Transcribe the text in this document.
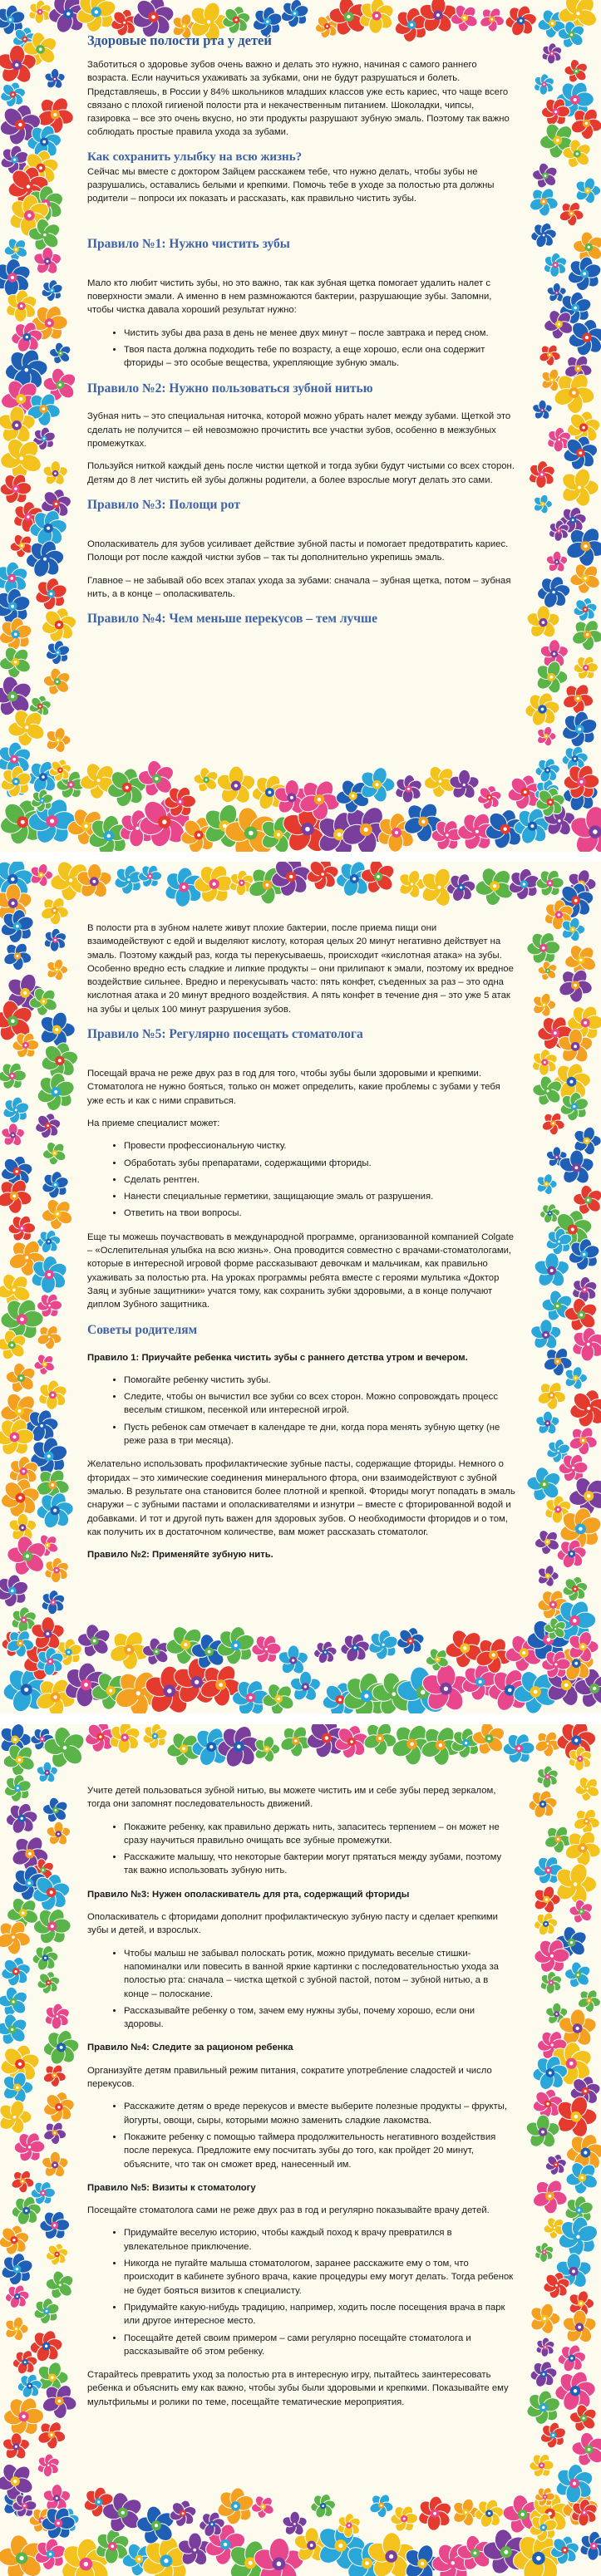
Здоровые полости рта у детей

Заботиться о здоровье зубов очень важно и делать это нужно, начиная с самого раннего возраста. Если научиться ухаживать за зубками, они не будут разрушаться и болеть. Представляешь, в России у 84% школьников младших классов уже есть кариес, что чаще всего связано с плохой гигиеной полости рта и некачественным питанием. Шоколадки, чипсы, газировка – все это очень вкусно, но эти продукты разрушают зубную эмаль. Поэтому так важно соблюдать простые правила ухода за зубами.

Как сохранить улыбку на всю жизнь?

Сейчас мы вместе с доктором Зайцем расскажем тебе, что нужно делать, чтобы зубы не разрушались, оставались белыми и крепкими. Помочь тебе в уходе за полостью рта должны родители – попроси их показать и рассказать, как правильно чистить зубы.

Правило №1: Нужно чистить зубы

Мало кто любит чистить зубы, но это важно, так как зубная щетка помогает удалить налет с поверхности эмали. А именно в нем размножаются бактерии, разрушающие зубы. Запомни, чтобы чистка давала хороший результат нужно:

• Чистить зубы два раза в день не менее двух минут – после завтрака и перед сном.
• Твоя паста должна подходить тебе по возрасту, а еще хорошо, если она содержит фториды – это особые вещества, укрепляющие зубную эмаль.
Правило №2: Нужно пользоваться зубной нитью

Зубная нить – это специальная ниточка, которой можно убрать налет между зубами. Щеткой это сделать не получится – ей невозможно прочистить все участки зубов, особенно в межзубных промежутках.

Пользуйся ниткой каждый день после чистки щеткой и тогда зубки будут чистыми со всех сторон. Детям до 8 лет чистить ей зубы должны родители, а более взрослые могут делать это сами.

Правило №3: Полощи рот

Ополаскиватель для зубов усиливает действие зубной пасты и помогает предотвратить кариес. Полощи рот после каждой чистки зубов – так ты дополнительно укрепишь эмаль.

Главное – не забывай обо всех этапах ухода за зубами: сначала – зубная щетка, потом – зубная нить, а в конце – ополаскиватель.

Правило №4: Чем меньше перекусов – тем лучше

В полости рта в зубном налете живут плохие бактерии, после приема пищи они взаимодействуют с едой и выделяют кислоту, которая целых 20 минут негативно действует на эмаль. Поэтому каждый раз, когда ты перекусываешь, происходит «кислотная атака» на зубы. Особенно вредно есть сладкие и липкие продукты – они прилипают к эмали, поэтому их вредное воздействие сильнее. Вредно и перекусывать часто: пять конфет, съеденных за раз – это одна кислотная атака и 20 минут вредного воздействия. А пять конфет в течение дня – это уже 5 атак на зубы и целых 100 минут разрушения зубов.

Правило №5: Регулярно посещать стоматолога

Посещай врача не реже двух раз в год для того, чтобы зубы были здоровыми и крепкими. Стоматолога не нужно бояться, только он может определить, какие проблемы с зубами у тебя уже есть и как с ними справиться.

На приеме специалист может:

• Провести профессиональную чистку.
• Обработать зубы препаратами, содержащими фториды.
• Сделать рентген.
• Нанести специальные герметики, защищающие эмаль от разрушения.
• Ответить на твои вопросы.

Еще ты можешь поучаствовать в международной программе, организованной компанией Colgate – «Ослепительная улыбка на всю жизнь». Она проводится совместно с врачами-стоматологами, которые в интересной игровой форме рассказывают девочкам и мальчикам, как правильно ухаживать за полостью рта. На уроках программы ребята вместе с героями мультика «Доктор Заяц и зубные защитники» учатся тому, как сохранить зубки здоровыми, а в конце получают диплом Зубного защитника.

Советы родителям

Правило 1: Приучайте ребенка чистить зубы с раннего детства утром и вечером.

• Помогайте ребенку чистить зубы.
• Следите, чтобы он вычистил все зубки со всех сторон. Можно сопровождать процесс веселым стишком, песенкой или интересной игрой.
• Пусть ребенок сам отмечает в календаре те дни, когда пора менять зубную щетку (не реже раза в три месяца).

Желательно использовать профилактические зубные пасты, содержащие фториды. Немного о фторидах – это химические соединения минерального фтора, они взаимодействуют с зубной эмалью. В результате она становится более плотной и крепкой. Фториды могут попадать в эмаль снаружи – с зубными пастами и ополаскивателями и изнутри – вместе с фторированной водой и добавками. И тот и другой путь важен для здоровых зубов. О необходимости фторидов и о том, как получить их в достаточном количестве, вам может рассказать стоматолог.

Правило №2: Применяйте зубную нить.

Учите детей пользоваться зубной нитью, вы можете чистить им и себе зубы перед зеркалом, тогда они запомнят последовательность движений.

• Покажите ребенку, как правильно держать нить, запаситесь терпением – он может не сразу научиться правильно очищать все зубные промежутки.
• Расскажите малышу, что некоторые бактерии могут прятаться между зубами, поэтому так важно использовать зубную нить.

Правило №3: Нужен ополаскиватель для рта, содержащий фториды

Ополаскиватель с фторидами дополнит профилактическую зубную пасту и сделает крепкими зубы и детей, и взрослых.

• Чтобы малыш не забывал полоскать ротик, можно придумать веселые стишки-напоминалки или повесить в ванной яркие картинки с последовательностью ухода за полостью рта: сначала – чистка щеткой с зубной пастой, потом – зубной нитью, а в конце – полоскание.
• Рассказывайте ребенку о том, зачем ему нужны зубы, почему хорошо, если они здоровы.

Правило №4: Следите за рационом ребенка

Организуйте детям правильный режим питания, сократите употребление сладостей и число перекусов.

• Расскажите детям о вреде перекусов и вместе выберите полезные продукты – фрукты, йогурты, овощи, сыры, которыми можно заменить сладкие лакомства.
• Покажите ребенку с помощью таймера продолжительность негативного воздействия после перекуса. Предложите ему посчитать зубы до того, как пройдет 20 минут, объясните, что так он сможет вред, нанесенный им.

Правило №5: Визиты к стоматологу

Посещайте стоматолога сами не реже двух раз в год и регулярно показывайте врачу детей.

• Придумайте веселую историю, чтобы каждый поход к врачу превратился в увлекательное приключение.
• Никогда не пугайте малыша стоматологом, заранее расскажите ему о том, что происходит в кабинете зубного врача, какие процедуры ему могут делать. Тогда ребенок не будет бояться визитов к специалисту.
• Придумайте какую-нибудь традицию, например, ходить после посещения врача в парк или другое интересное место.
• Посещайте детей своим примером – сами регулярно посещайте стоматолога и рассказывайте об этом ребенку.

Старайтесь превратить уход за полостью рта в интересную игру, пытайтесь заинтересовать ребенка и объяснить ему как важно, чтобы зубы были здоровыми и крепкими. Показывайте ему мультфильмы и ролики по теме, посещайте тематические мероприятия.
